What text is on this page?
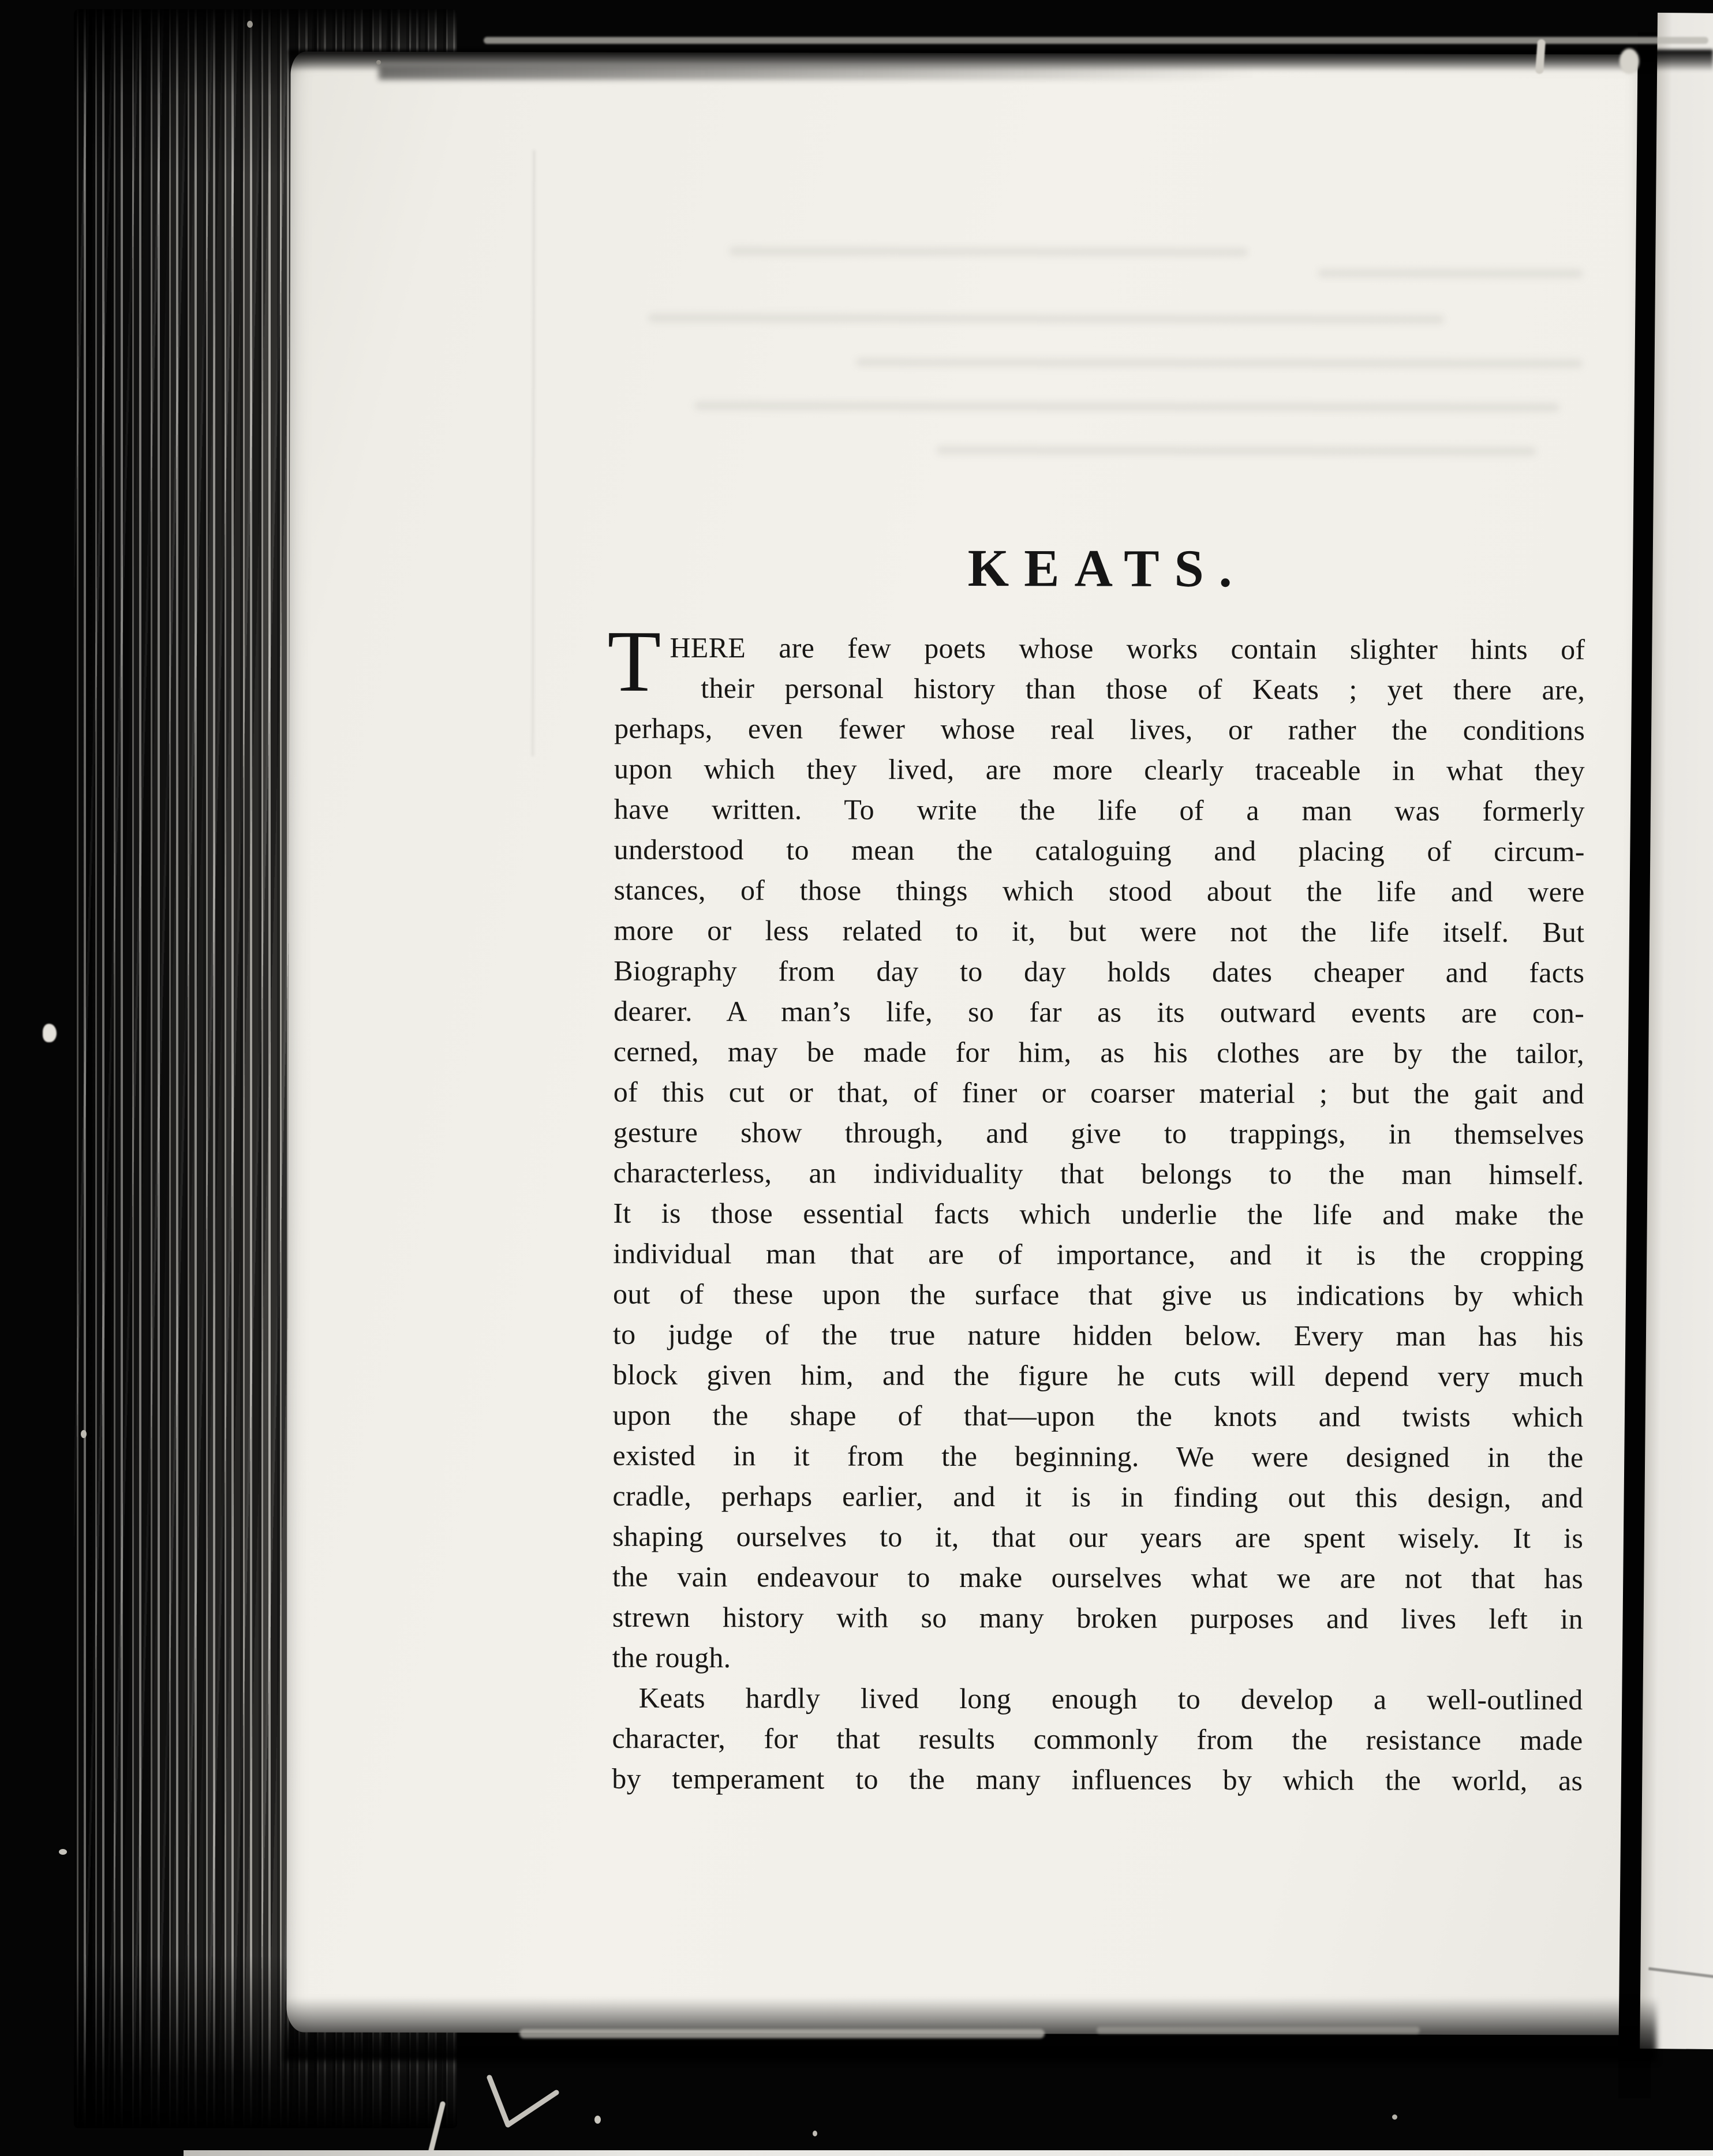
KEATS.
T HERE are few poets whose works contain slighter hints of
their personal history than those of Keats ; yet there are,
perhaps, even fewer whose real lives, or rather the conditions
upon which they lived, are more clearly traceable in what they
have written. To write the life of a man was formerly
understood to mean the cataloguing and placing of circum-
stances, of those things which stood about the life and were
more or less related to it, but were not the life itself. But
Biography from day to day holds dates cheaper and facts
dearer. A man’s life, so far as its outward events are con-
cerned, may be made for him, as his clothes are by the tailor,
of this cut or that, of finer or coarser material ; but the gait and
gesture show through, and give to trappings, in themselves
characterless, an individuality that belongs to the man himself.
It is those essential facts which underlie the life and make the
individual man that are of importance, and it is the cropping
out of these upon the surface that give us indications by which
to judge of the true nature hidden below. Every man has his
block given him, and the figure he cuts will depend very much
upon the shape of that—upon the knots and twists which
existed in it from the beginning. We were designed in the
cradle, perhaps earlier, and it is in finding out this design, and
shaping ourselves to it, that our years are spent wisely. It is
the vain endeavour to make ourselves what we are not that has
strewn history with so many broken purposes and lives left in
the rough.
Keats hardly lived long enough to develop a well-outlined
character, for that results commonly from the resistance made
by temperament to the many influences by which the world, as
